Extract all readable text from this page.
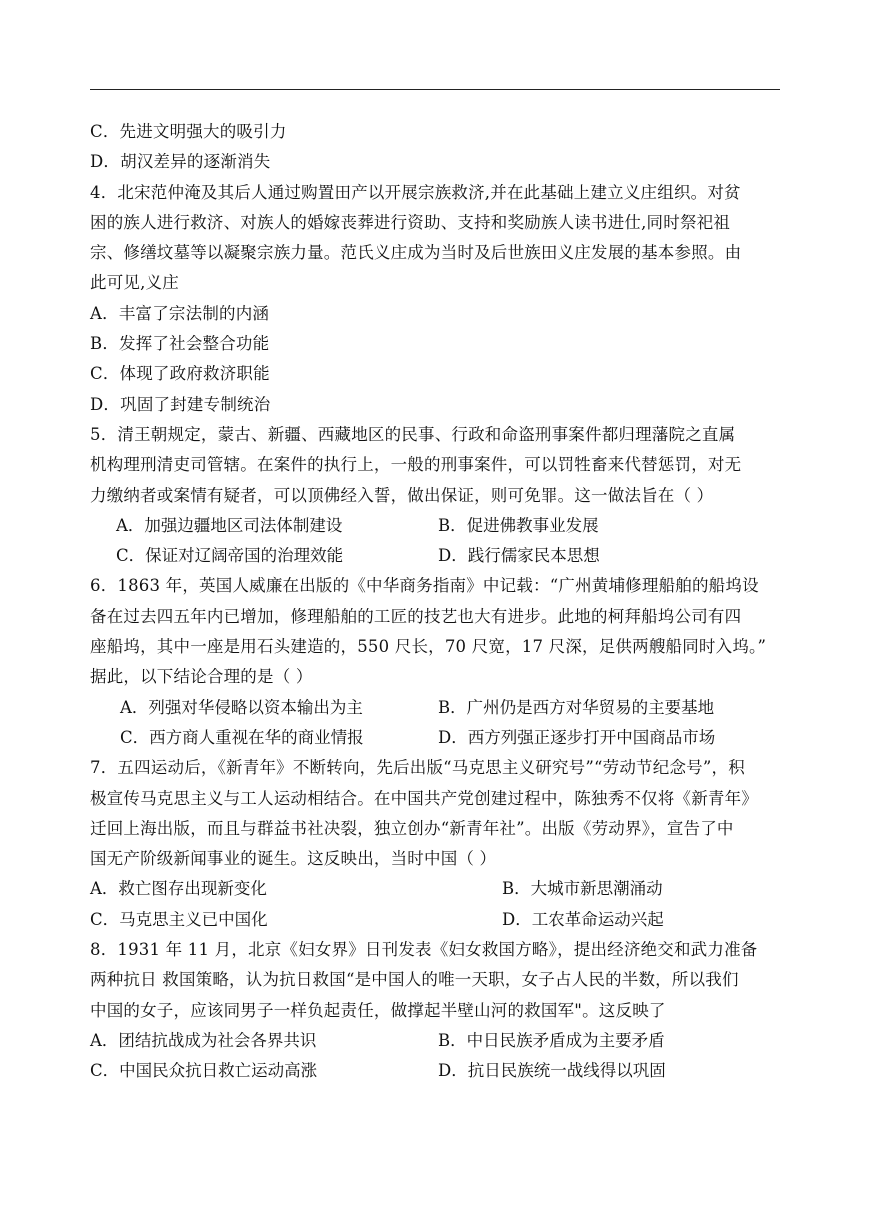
C．先进文明强大的吸引力
D．胡汉差异的逐渐消失
4．北宋范仲淹及其后人通过购置田产以开展宗族救济,并在此基础上建立义庄组织。对贫
困的族人进行救济、对族人的婚嫁丧葬进行资助、支持和奖励族人读书进仕,同时祭祀祖
宗、修缮坟墓等以凝聚宗族力量。范氏义庄成为当时及后世族田义庄发展的基本参照。由
此可见,义庄
A．丰富了宗法制的内涵
B．发挥了社会整合功能
C．体现了政府救济职能
D．巩固了封建专制统治
5．清王朝规定，蒙古、新疆、西藏地区的民事、行政和命盗刑事案件都归理藩院之直属
机构理刑清吏司管辖。在案件的执行上，一般的刑事案件，可以罚牲畜来代替惩罚，对无
力缴纳者或案情有疑者，可以顶佛经入誓，做出保证，则可免罪。这一做法旨在（ ）
A．加强边疆地区司法体制建设	B．促进佛教事业发展
C．保证对辽阔帝国的治理效能	D．践行儒家民本思想
6．1863 年，英国人威廉在出版的《中华商务指南》中记载：“广州黄埔修理船舶的船坞设
备在过去四五年内已增加，修理船舶的工匠的技艺也大有进步。此地的柯拜船坞公司有四
座船坞，其中一座是用石头建造的，550 尺长，70 尺宽，17 尺深，足供两艘船同时入坞。”
据此，以下结论合理的是（ ）
A．列强对华侵略以资本输出为主	B．广州仍是西方对华贸易的主要基地
C．西方商人重视在华的商业情报	D．西方列强正逐步打开中国商品市场
7．五四运动后，《新青年》不断转向，先后出版“马克思主义研究号”“劳动节纪念号”，积
极宣传马克思主义与工人运动相结合。在中国共产党创建过程中，陈独秀不仅将《新青年》
迁回上海出版，而且与群益书社决裂，独立创办“新青年社”。出版《劳动界》，宣告了中
国无产阶级新闻事业的诞生。这反映出，当时中国（ ）
A．救亡图存出现新变化	B．大城市新思潮涌动
C．马克思主义已中国化	D．工农革命运动兴起
8．1931 年 11 月，北京《妇女界》日刊发表《妇女救国方略》，提出经济绝交和武力准备
两种抗日 救国策略，认为抗日救国“是中国人的唯一天职，女子占人民的半数，所以我们
中国的女子，应该同男子一样负起责任，做撑起半壁山河的救国军"。这反映了
A．团结抗战成为社会各界共识	B．中日民族矛盾成为主要矛盾
C．中国民众抗日救亡运动高涨	D．抗日民族统一战线得以巩固
